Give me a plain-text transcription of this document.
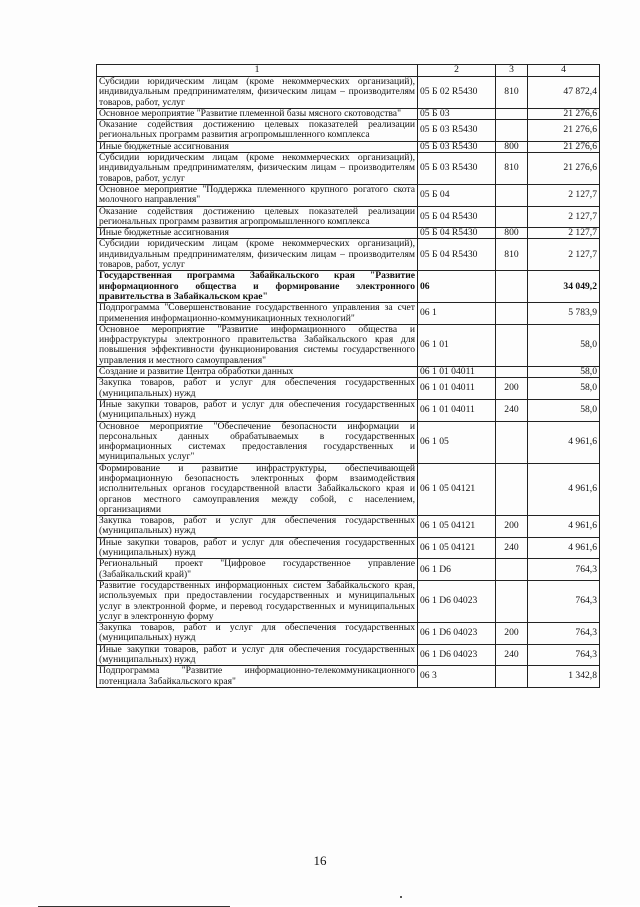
1	2	3	4
Субсидии юридическим лицам (кроме некоммерческих организаций), индивидуальным предпринимателям, физическим лицам – производителям товаров, работ, услуг	05 Б 02 R5430	810	47 872,4
Основное мероприятие "Развитие племенной базы мясного скотоводства"	05 Б 03		21 276,6
Оказание содействия достижению целевых показателей реализации региональных программ развития агропромышленного комплекса	05 Б 03 R5430		21 276,6
Иные бюджетные ассигнования	05 Б 03 R5430	800	21 276,6
Субсидии юридическим лицам (кроме некоммерческих организаций), индивидуальным предпринимателям, физическим лицам – производителям товаров, работ, услуг	05 Б 03 R5430	810	21 276,6
Основное мероприятие "Поддержка племенного крупного рогатого скота молочного направления"	05 Б 04		2 127,7
Оказание содействия достижению целевых показателей реализации региональных программ развития агропромышленного комплекса	05 Б 04 R5430		2 127,7
Иные бюджетные ассигнования	05 Б 04 R5430	800	2 127,7
Субсидии юридическим лицам (кроме некоммерческих организаций), индивидуальным предпринимателям, физическим лицам – производителям товаров, работ, услуг	05 Б 04 R5430	810	2 127,7
Государственная программа Забайкальского края "Развитие информационного общества и формирование электронного правительства в Забайкальском крае"	06		34 049,2
Подпрограмма "Совершенствование государственного управления за счет применения информационно-коммуникационных технологий"	06 1		5 783,9
Основное мероприятие "Развитие информационного общества и инфраструктуры электронного правительства Забайкальского края для повышения эффективности функционирования системы государственного управления и местного самоуправления"	06 1 01		58,0
Создание и развитие Центра обработки данных	06 1 01 04011		58,0
Закупка товаров, работ и услуг для обеспечения государственных (муниципальных) нужд	06 1 01 04011	200	58,0
Иные закупки товаров, работ и услуг для обеспечения государственных (муниципальных) нужд	06 1 01 04011	240	58,0
Основное мероприятие "Обеспечение безопасности информации и персональных данных обрабатываемых в государственных информационных системах предоставления государственных и муниципальных услуг"	06 1 05		4 961,6
Формирование и развитие инфраструктуры, обеспечивающей информационную безопасность электронных форм взаимодействия исполнительных органов государственной власти Забайкальского края и органов местного самоуправления между собой, с населением, организациями	06 1 05 04121		4 961,6
Закупка товаров, работ и услуг для обеспечения государственных (муниципальных) нужд	06 1 05 04121	200	4 961,6
Иные закупки товаров, работ и услуг для обеспечения государственных (муниципальных) нужд	06 1 05 04121	240	4 961,6
Региональный проект "Цифровое государственное управление (Забайкальский край)"	06 1 D6		764,3
Развитие государственных информационных систем Забайкальского края, используемых при предоставлении государственных и муниципальных услуг в электронной форме, и перевод государственных и муниципальных услуг в электронную форму	06 1 D6 04023		764,3
Закупка товаров, работ и услуг для обеспечения государственных (муниципальных) нужд	06 1 D6 04023	200	764,3
Иные закупки товаров, работ и услуг для обеспечения государственных (муниципальных) нужд	06 1 D6 04023	240	764,3
Подпрограмма "Развитие информационно-телекоммуникационного потенциала Забайкальского края"	06 3		1 342,8
16
